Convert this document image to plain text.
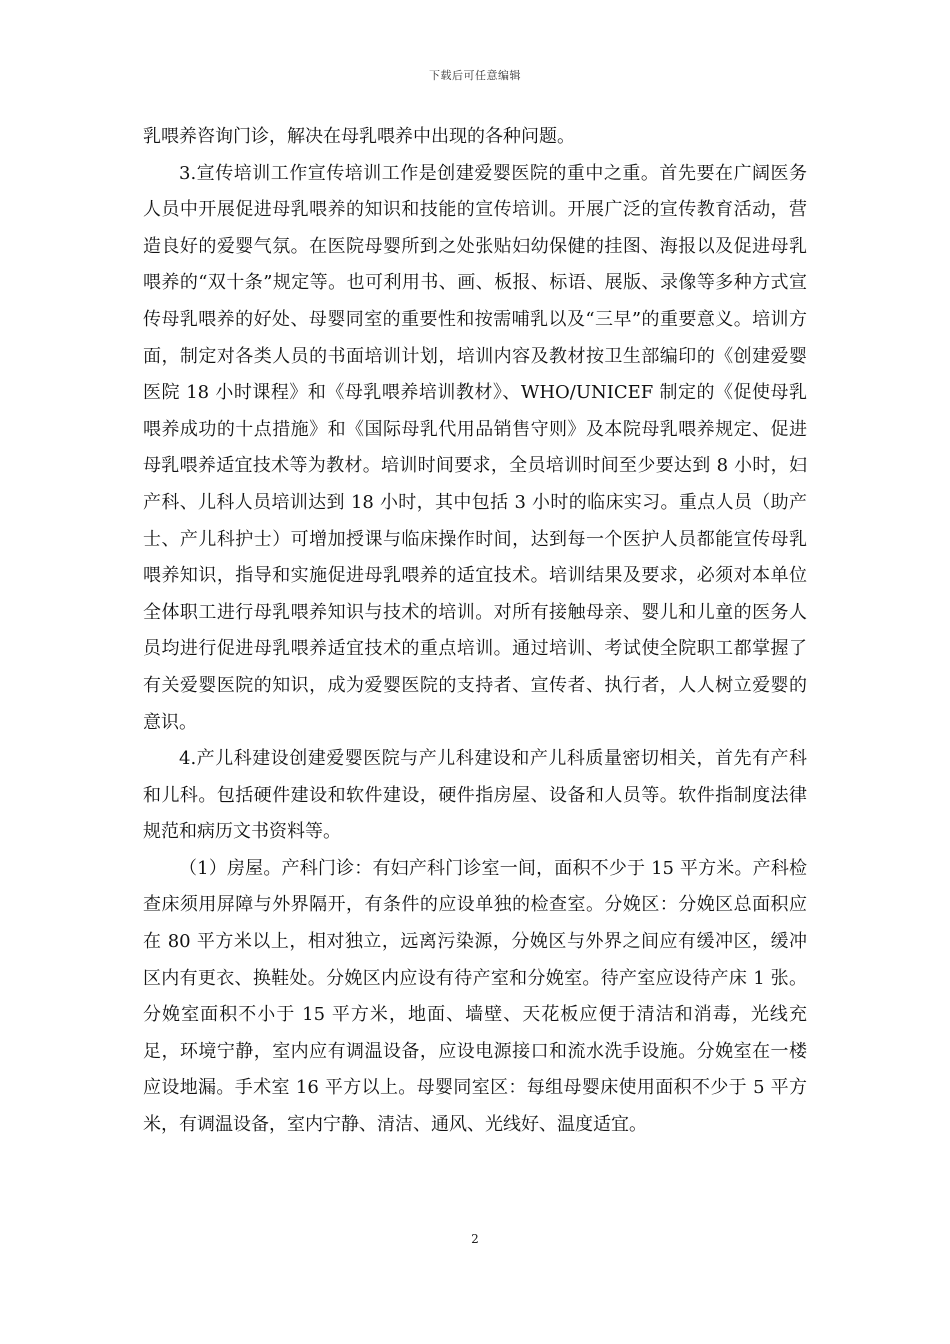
下载后可任意编辑

乳喂养咨询门诊，解决在母乳喂养中出现的各种问题。

3.宣传培训工作宣传培训工作是创建爱婴医院的重中之重。首先要在广阔医务人员中开展促进母乳喂养的知识和技能的宣传培训。开展广泛的宣传教育活动，营造良好的爱婴气氛。在医院母婴所到之处张贴妇幼保健的挂图、海报以及促进母乳喂养的“双十条”规定等。也可利用书、画、板报、标语、展版、录像等多种方式宣传母乳喂养的好处、母婴同室的重要性和按需哺乳以及“三早”的重要意义。培训方面，制定对各类人员的书面培训计划，培训内容及教材按卫生部编印的《创建爱婴医院 18 小时课程》和《母乳喂养培训教材》、WHO/UNICEF 制定的《促使母乳喂养成功的十点措施》和《国际母乳代用品销售守则》及本院母乳喂养规定、促进母乳喂养适宜技术等为教材。培训时间要求，全员培训时间至少要达到 8 小时，妇产科、儿科人员培训达到 18 小时，其中包括 3 小时的临床实习。重点人员（助产士、产儿科护士）可增加授课与临床操作时间，达到每一个医护人员都能宣传母乳喂养知识，指导和实施促进母乳喂养的适宜技术。培训结果及要求，必须对本单位全体职工进行母乳喂养知识与技术的培训。对所有接触母亲、婴儿和儿童的医务人员均进行促进母乳喂养适宜技术的重点培训。通过培训、考试使全院职工都掌握了有关爱婴医院的知识，成为爱婴医院的支持者、宣传者、执行者，人人树立爱婴的意识。

4.产儿科建设创建爱婴医院与产儿科建设和产儿科质量密切相关，首先有产科和儿科。包括硬件建设和软件建设，硬件指房屋、设备和人员等。软件指制度法律规范和病历文书资料等。

（1）房屋。产科门诊：有妇产科门诊室一间，面积不少于 15 平方米。产科检查床须用屏障与外界隔开，有条件的应设单独的检查室。分娩区：分娩区总面积应在 80 平方米以上，相对独立，远离污染源，分娩区与外界之间应有缓冲区，缓冲区内有更衣、换鞋处。分娩区内应设有待产室和分娩室。待产室应设待产床 1 张。分娩室面积不小于 15 平方米，地面、墙壁、天花板应便于清洁和消毒，光线充足，环境宁静，室内应有调温设备，应设电源接口和流水洗手设施。分娩室在一楼应设地漏。手术室 16 平方以上。母婴同室区：每组母婴床使用面积不少于 5 平方米，有调温设备，室内宁静、清洁、通风、光线好、温度适宜。

2
